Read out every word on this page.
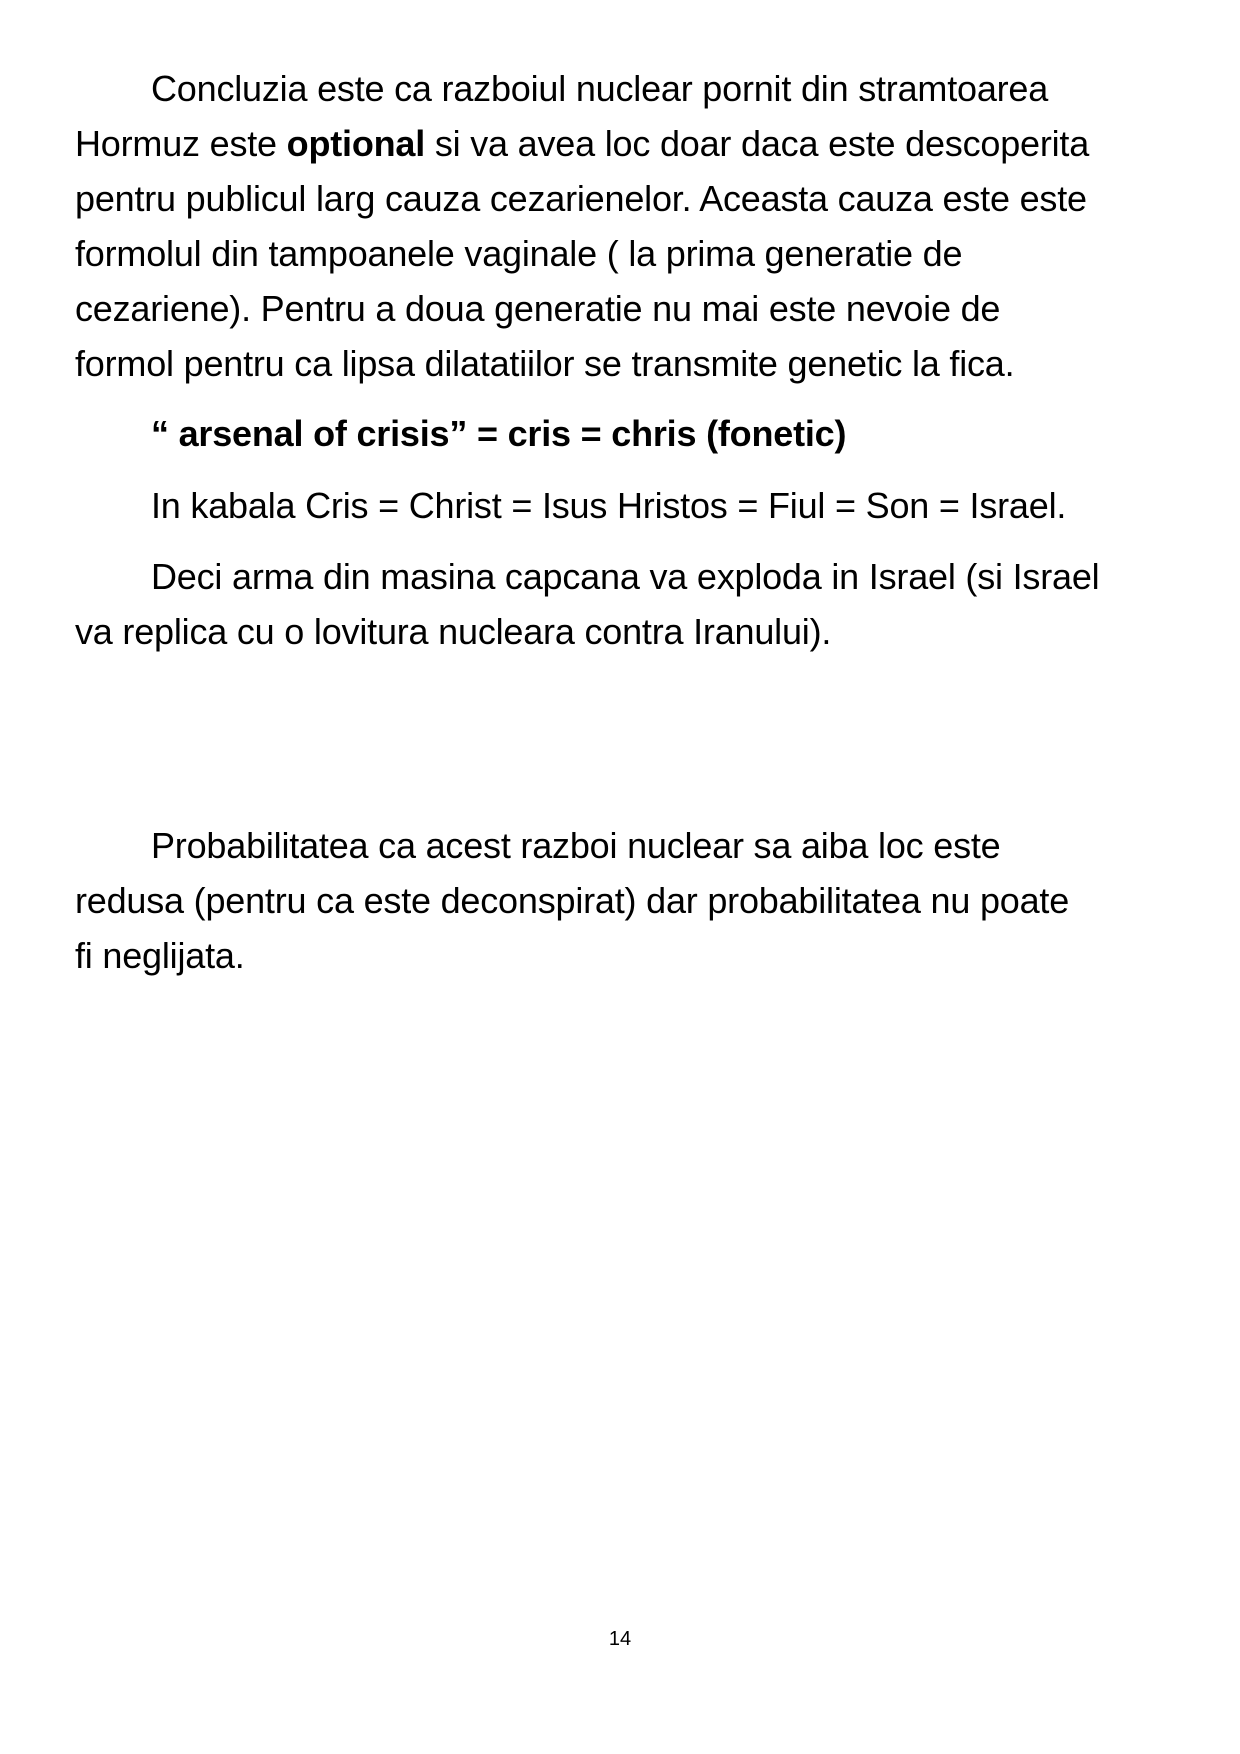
Concluzia este ca razboiul nuclear pornit din stramtoarea
Hormuz este optional si va avea loc doar daca este descoperita
pentru publicul larg cauza cezarienelor. Aceasta cauza este este
formolul din tampoanele vaginale ( la prima generatie de
cezariene). Pentru a doua generatie nu mai este nevoie de
formol pentru ca lipsa dilatatiilor se transmite genetic la fica.
“ arsenal of crisis” = cris = chris (fonetic)
In kabala Cris = Christ = Isus Hristos = Fiul = Son = Israel.
Deci arma din masina capcana va exploda in Israel (si Israel
va replica cu o lovitura nucleara contra Iranului).
Probabilitatea ca acest razboi nuclear sa aiba loc este
redusa (pentru ca este deconspirat) dar probabilitatea nu poate
fi neglijata.
14
